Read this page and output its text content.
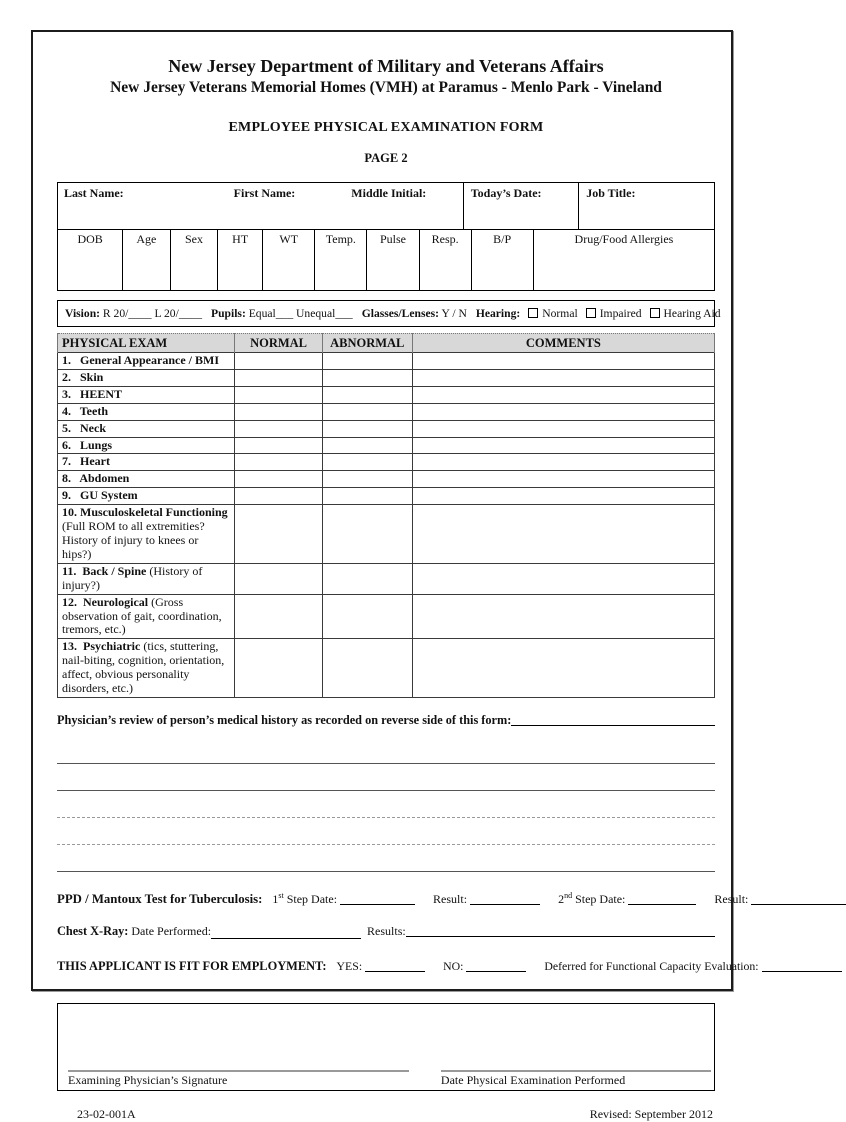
New Jersey Department of Military and Veterans Affairs
New Jersey Veterans Memorial Homes (VMH) at Paramus - Menlo Park - Vineland
EMPLOYEE PHYSICAL EXAMINATION FORM
PAGE 2
Last Name:	First Name:	Middle Initial:	Today’s Date:	Job Title:
DOB	Age	Sex	HT	WT	Temp.	Pulse	Resp.	B/P	Drug/Food Allergies
Vision: R 20/____ L 20/____ Pupils: Equal___ Unequal___ Glasses/Lenses: Y / N Hearing: Normal Impaired Hearing Aid
PHYSICAL EXAM	NORMAL	ABNORMAL	COMMENTS
1.   General Appearance / BMI			
2.   Skin			
3.   HEENT			
4.   Teeth			
5.   Neck			
6.   Lungs			
7.   Heart			
8.   Abdomen			
9.   GU System			

10. Musculoskeletal Functioning
(Full ROM to all extremities? History of injury to knees or hips?)			
11.  Back / Spine (History of injury?)			
12.  Neurological (Gross observation of gait, coordination, tremors, etc.)			
13.  Psychiatric (tics, stuttering, nail-biting, cognition, orientation, affect, obvious personality disorders, etc.)			
Physician’s review of person’s medical history as recorded on reverse side of this form:
PPD / Mantoux Test for Tuberculosis: 1st Step Date:	Result:	2nd Step Date:	Result:
Chest X-Ray:
Date Performed:
	Results:
THIS APPLICANT IS FIT FOR EMPLOYMENT: YES:	NO:	Deferred for Functional Capacity Evaluation:
Examining Physician’s Signature	Date Physical Examination Performed
23-02-001A	Revised: September 2012
